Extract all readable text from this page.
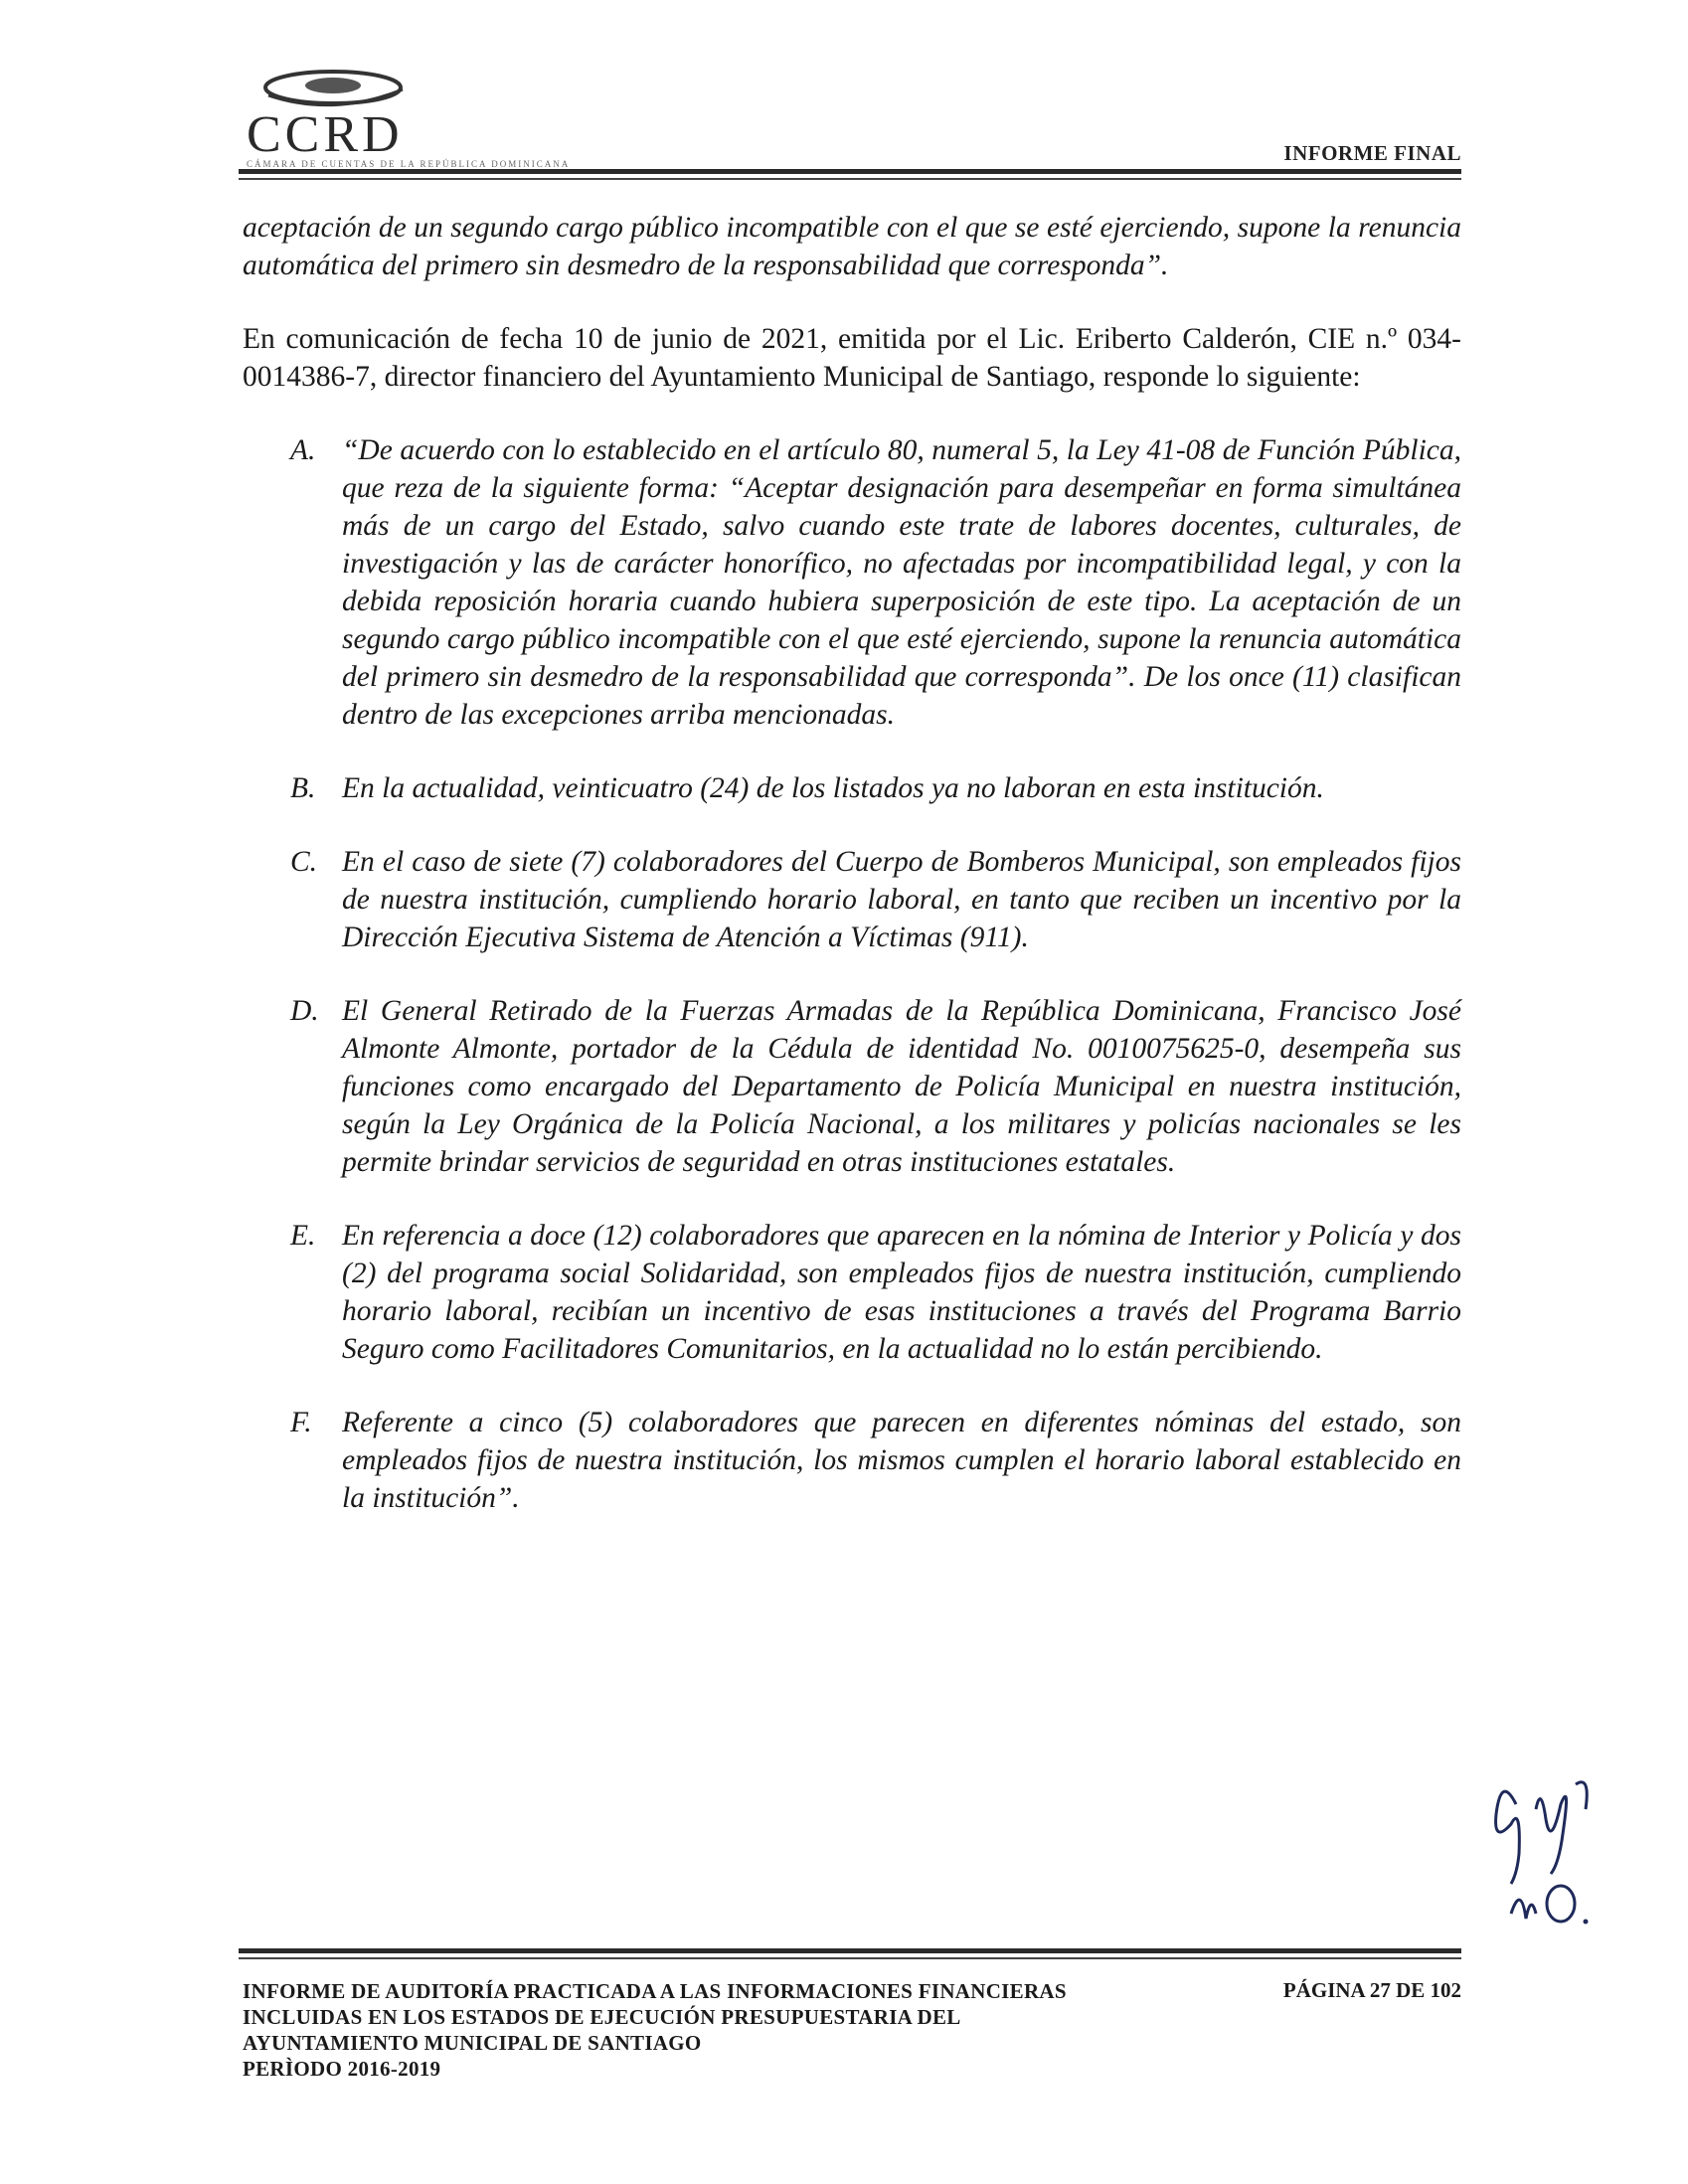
CCRD
CÁMARA DE CUENTAS DE LA REPÚBLICA DOMINICANA	INFORME FINAL

aceptación de un segundo cargo público incompatible con el que se esté ejerciendo, supone la renuncia automática del primero sin desmedro de la responsabilidad que corresponda”.

En comunicación de fecha 10 de junio de 2021, emitida por el Lic. Eriberto Calderón, CIE n.º 034-0014386-7, director financiero del Ayuntamiento Municipal de Santiago, responde lo siguiente:

A. “De acuerdo con lo establecido en el artículo 80, numeral 5, la Ley 41-08 de Función Pública, que reza de la siguiente forma: “Aceptar designación para desempeñar en forma simultánea más de un cargo del Estado, salvo cuando este trate de labores docentes, culturales, de investigación y las de carácter honorífico, no afectadas por incompatibilidad legal, y con la debida reposición horaria cuando hubiera superposición de este tipo. La aceptación de un segundo cargo público incompatible con el que esté ejerciendo, supone la renuncia automática del primero sin desmedro de la responsabilidad que corresponda”. De los once (11) clasifican dentro de las excepciones arriba mencionadas.

B. En la actualidad, veinticuatro (24) de los listados ya no laboran en esta institución.

C. En el caso de siete (7) colaboradores del Cuerpo de Bomberos Municipal, son empleados fijos de nuestra institución, cumpliendo horario laboral, en tanto que reciben un incentivo por la Dirección Ejecutiva Sistema de Atención a Víctimas (911).

D. El General Retirado de la Fuerzas Armadas de la República Dominicana, Francisco José Almonte Almonte, portador de la Cédula de identidad No. 0010075625-0, desempeña sus funciones como encargado del Departamento de Policía Municipal en nuestra institución, según la Ley Orgánica de la Policía Nacional, a los militares y policías nacionales se les permite brindar servicios de seguridad en otras instituciones estatales.

E. En referencia a doce (12) colaboradores que aparecen en la nómina de Interior y Policía y dos (2) del programa social Solidaridad, son empleados fijos de nuestra institución, cumpliendo horario laboral, recibían un incentivo de esas instituciones a través del Programa Barrio Seguro como Facilitadores Comunitarios, en la actualidad no lo están percibiendo.

F. Referente a cinco (5) colaboradores que parecen en diferentes nóminas del estado, son empleados fijos de nuestra institución, los mismos cumplen el horario laboral establecido en la institución”.

INFORME DE AUDITORÍA PRACTICADA A LAS INFORMACIONES FINANCIERAS
INCLUIDAS EN LOS ESTADOS DE EJECUCIÓN PRESUPUESTARIA DEL
AYUNTAMIENTO MUNICIPAL DE SANTIAGO
PERÌODO 2016-2019
PÁGINA 27 DE 102
